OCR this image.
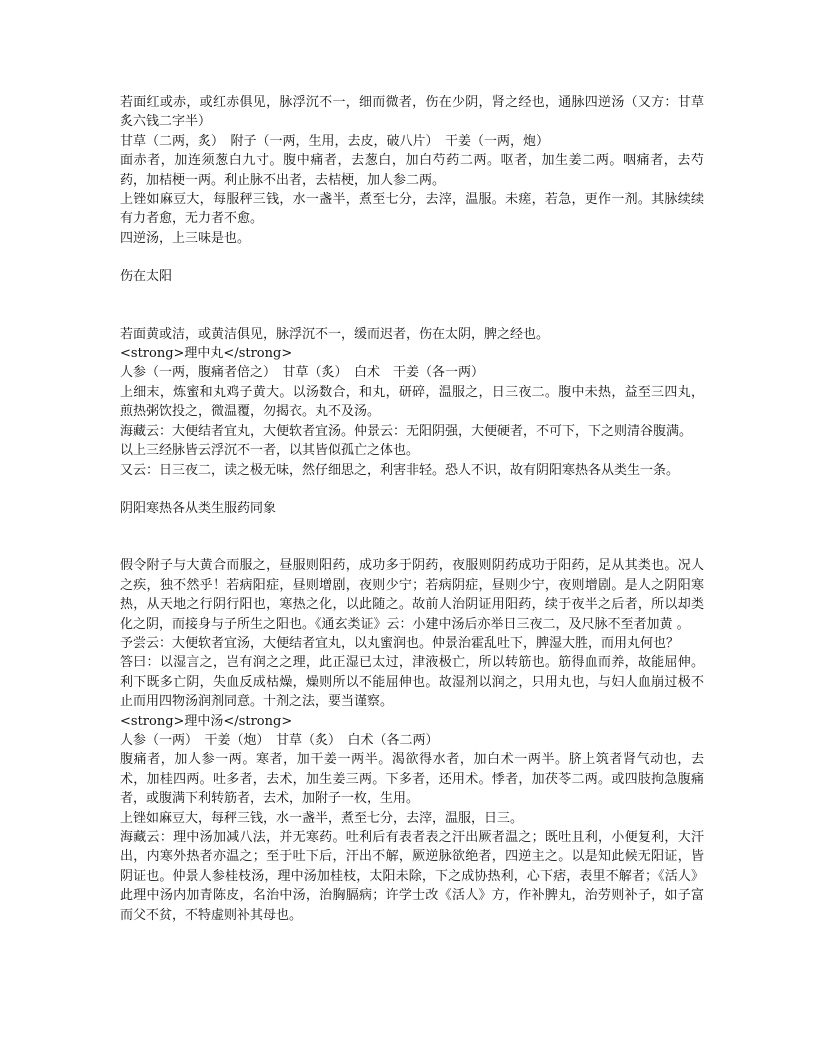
若面红或赤，或红赤俱见，脉浮沉不一，细而微者，伤在少阴，肾之经也，通脉四逆汤（又方：甘草炙六钱二字半）

甘草（二两，炙）　附子（一两，生用，去皮，破八片）　干姜（一两，炮）

面赤者，加连须葱白九寸。腹中痛者，去葱白，加白芍药二两。呕者，加生姜二两。咽痛者，去芍药，加桔梗一两。利止脉不出者，去桔梗，加人参二两。

上锉如麻豆大，每服秤三钱，水一盏半，煮至七分，去滓，温服。未瘥，若急，更作一剂。其脉续续有力者愈，无力者不愈。

四逆汤，上三味是也。

伤在太阳

若面黄或洁，或黄洁俱见，脉浮沉不一，缓而迟者，伤在太阴，脾之经也。

<strong>理中丸</strong>

人参（一两，腹痛者倍之）　甘草（炙）　白术　干姜（各一两）

上细末，炼蜜和丸鸡子黄大。以汤数合，和丸，研碎，温服之，日三夜二。腹中未热，益至三四丸，煎热粥饮投之，微温覆，勿揭衣。丸不及汤。

海藏云：大便结者宜丸，大便软者宜汤。仲景云：无阳阴强，大便硬者，不可下，下之则清谷腹满。

以上三经脉皆云浮沉不一者，以其皆似孤亡之体也。

又云：日三夜二，读之极无味，然仔细思之，利害非轻。恐人不识，故有阴阳寒热各从类生一条。

阴阳寒热各从类生服药同象

假令附子与大黄合而服之，昼服则阳药，成功多于阴药，夜服则阴药成功于阳药，足从其类也。况人之疾，独不然乎！若病阳症，昼则增剧，夜则少宁；若病阴症，昼则少宁，夜则增剧。是人之阴阳寒热，从天地之行阴行阳也，寒热之化，以此随之。故前人治阴证用阳药，续于夜半之后者，所以却类化之阴，而接身与子所生之阳也。《通玄类证》云：小建中汤后亦举日三夜二，及尺脉不至者加黄 。

予尝云：大便软者宜汤，大便结者宜丸，以丸蜜润也。仲景治霍乱吐下，脾湿大胜，而用丸何也？

答曰：以湿言之，岂有润之之理，此正湿已太过，津液极亡，所以转筋也。筋得血而养，故能屈伸。利下既多亡阴，失血反成枯燥，燥则所以不能屈伸也。故湿剂以润之，只用丸也，与妇人血崩过极不止而用四物汤润剂同意。十剂之法，要当谨察。

<strong>理中汤</strong>

人参（一两）　干姜（炮）　甘草（炙）　白术（各二两）

腹痛者，加人参一两。寒者，加干姜一两半。渴欲得水者，加白术一两半。脐上筑者肾气动也，去术，加桂四两。吐多者，去术，加生姜三两。下多者，还用术。悸者，加茯苓二两。或四肢拘急腹痛者，或腹满下利转筋者，去术，加附子一枚，生用。

上锉如麻豆大，每秤三钱，水一盏半，煮至七分，去滓，温服，日三。

海藏云：理中汤加减八法，并无寒药。吐利后有表者表之汗出厥者温之；既吐且利，小便复利，大汗出，内寒外热者亦温之；至于吐下后，汗出不解，厥逆脉欲绝者，四逆主之。以是知此候无阳证，皆阴证也。仲景人参桂枝汤，理中汤加桂枝，太阳未除，下之成协热利，心下痞，表里不解者；《活人》此理中汤内加青陈皮，名治中汤，治胸膈病；许学士改《活人》方，作补脾丸，治劳则补子，如子富而父不贫，不特虚则补其母也。
